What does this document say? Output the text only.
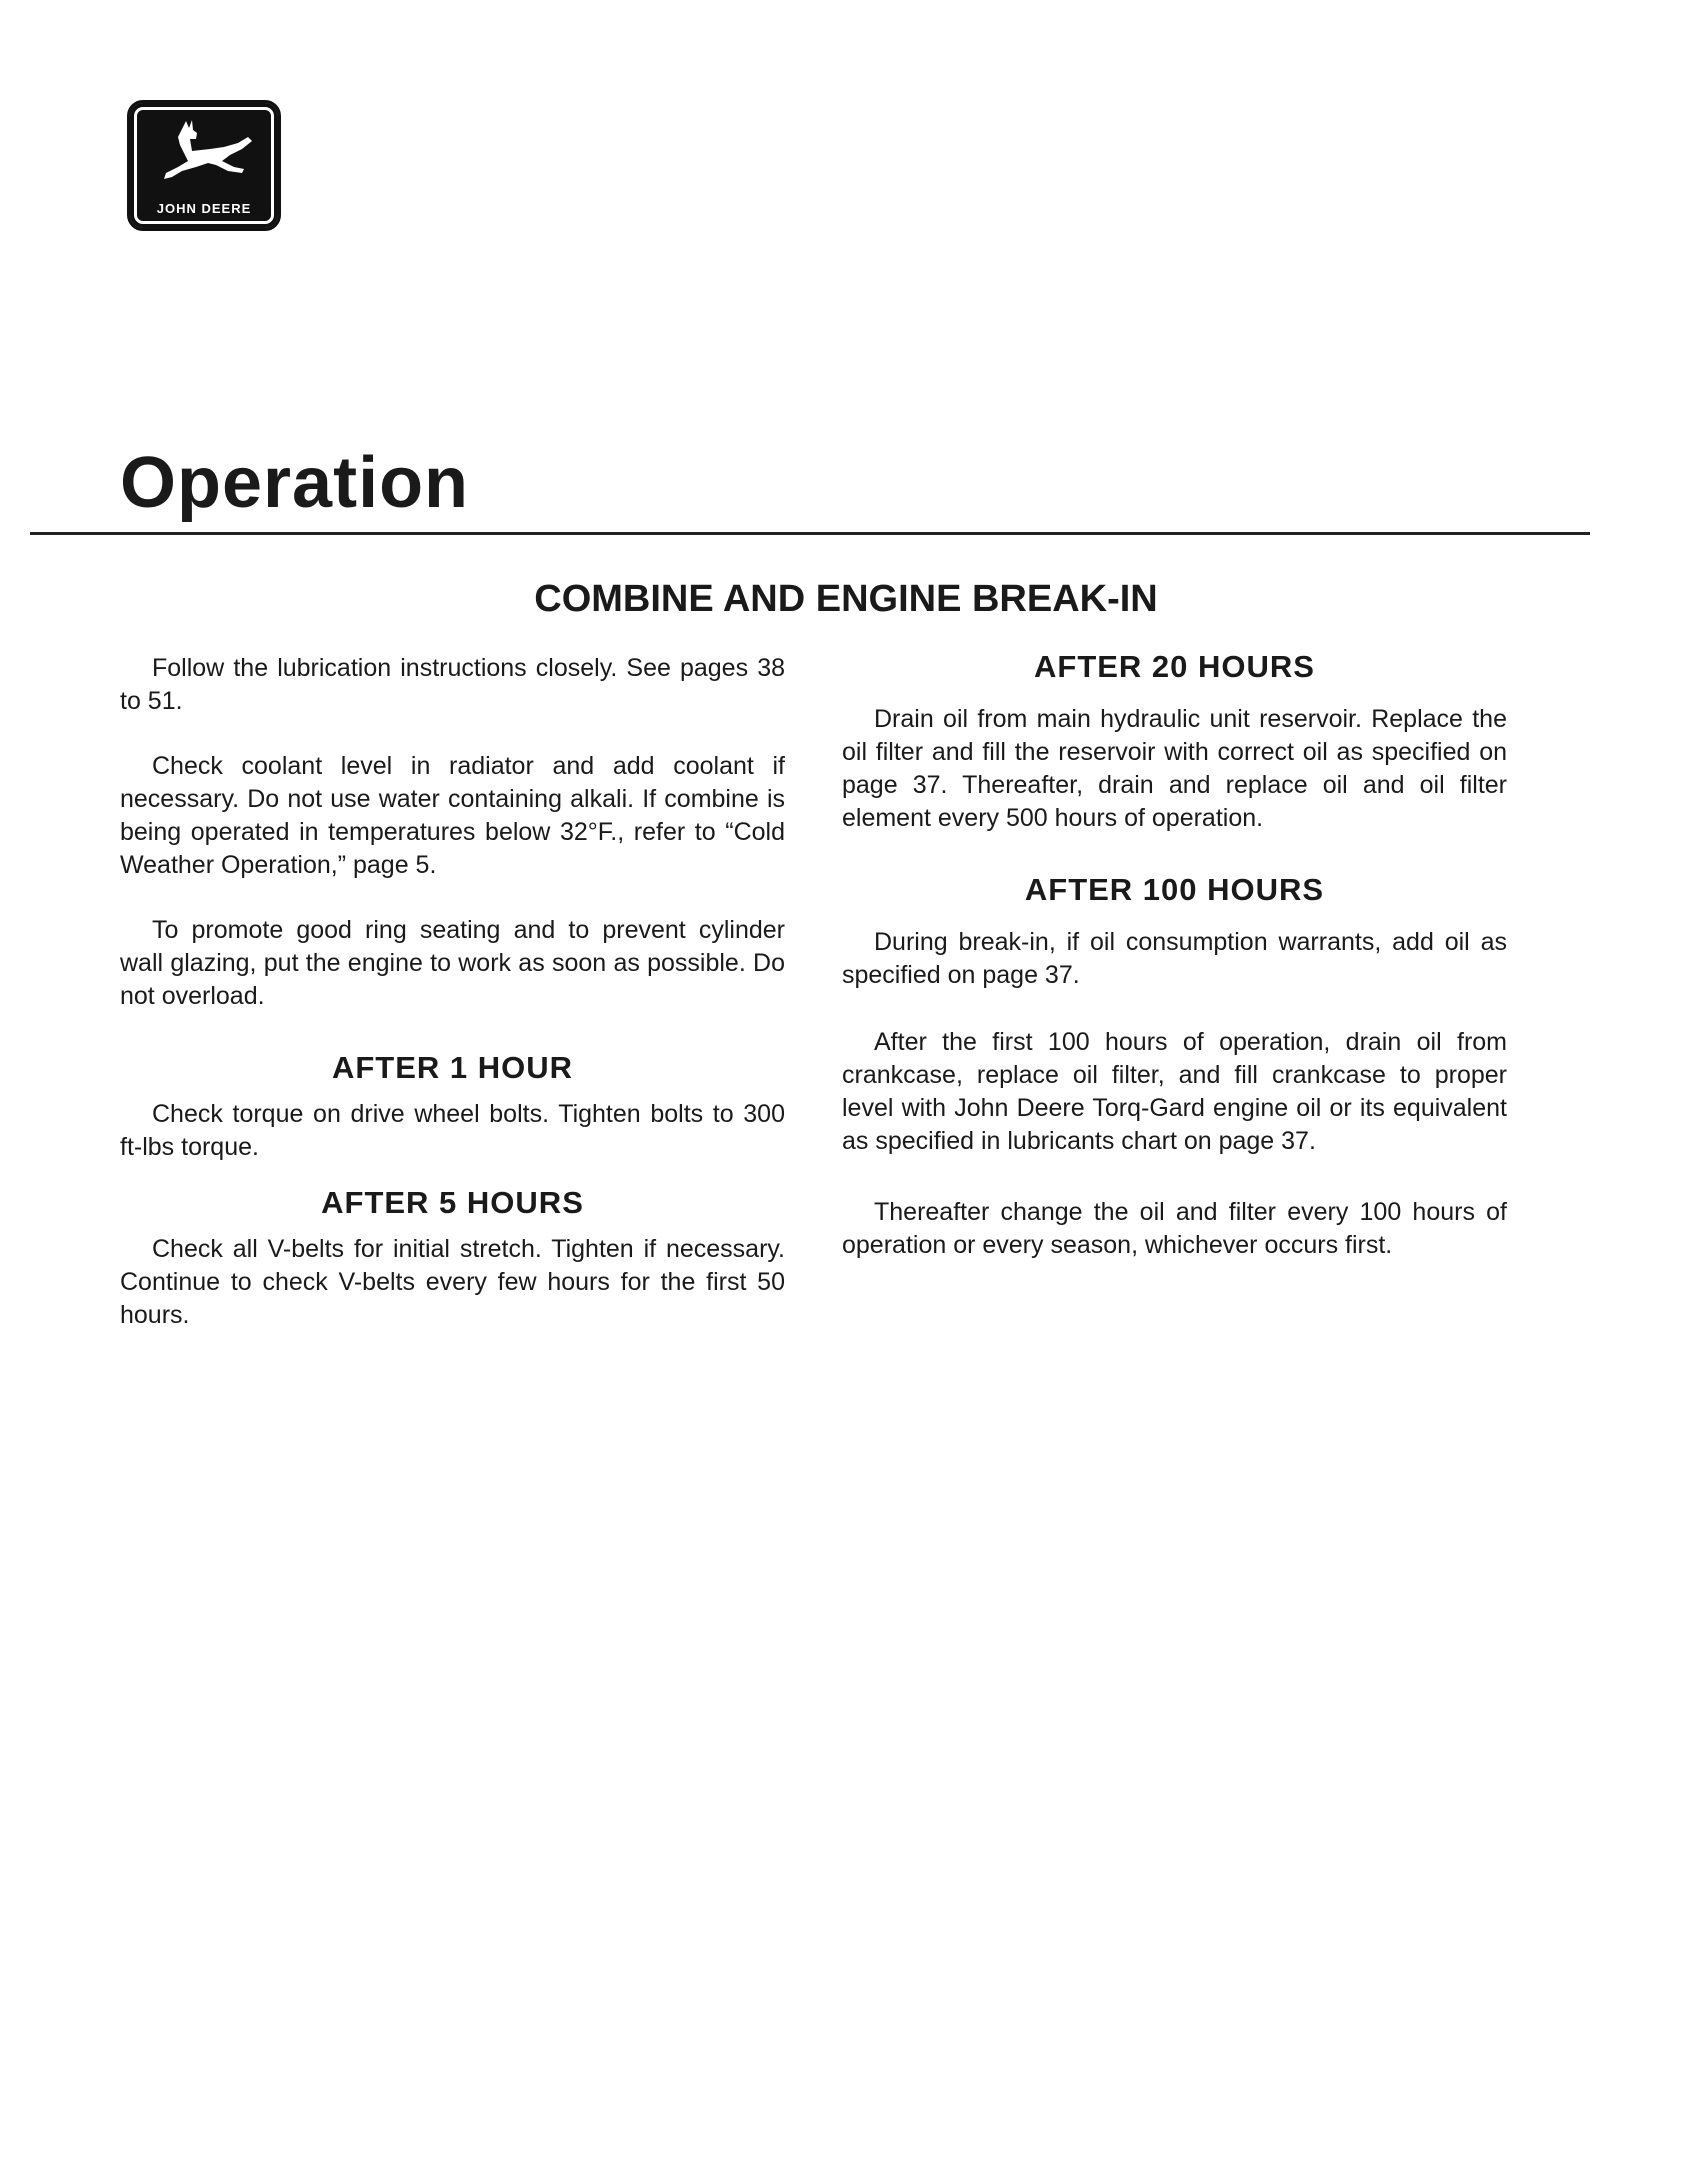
JOHN DEERE
Operation
COMBINE AND ENGINE BREAK-IN

Follow the lubrication instructions closely. See pages 38 to 51.

Check coolant level in radiator and add coolant if necessary. Do not use water containing alkali. If combine is being operated in temperatures below 32°F., refer to “Cold Weather Operation,” page 5.

To promote good ring seating and to prevent cylinder wall glazing, put the engine to work as soon as possible. Do not overload.

AFTER 1 HOUR

Check torque on drive wheel bolts. Tighten bolts to 300 ft-lbs torque.

AFTER 5 HOURS

Check all V-belts for initial stretch. Tighten if necessary. Continue to check V-belts every few hours for the first 50 hours.

AFTER 20 HOURS

Drain oil from main hydraulic unit reservoir. Replace the oil filter and fill the reservoir with correct oil as specified on page 37. Thereafter, drain and replace oil and oil filter element every 500 hours of operation.

AFTER 100 HOURS

During break-in, if oil consumption warrants, add oil as specified on page 37.

After the first 100 hours of operation, drain oil from crankcase, replace oil filter, and fill crankcase to proper level with John Deere Torq-Gard engine oil or its equivalent as specified in lubricants chart on page 37.

Thereafter change the oil and filter every 100 hours of operation or every season, whichever occurs first.
